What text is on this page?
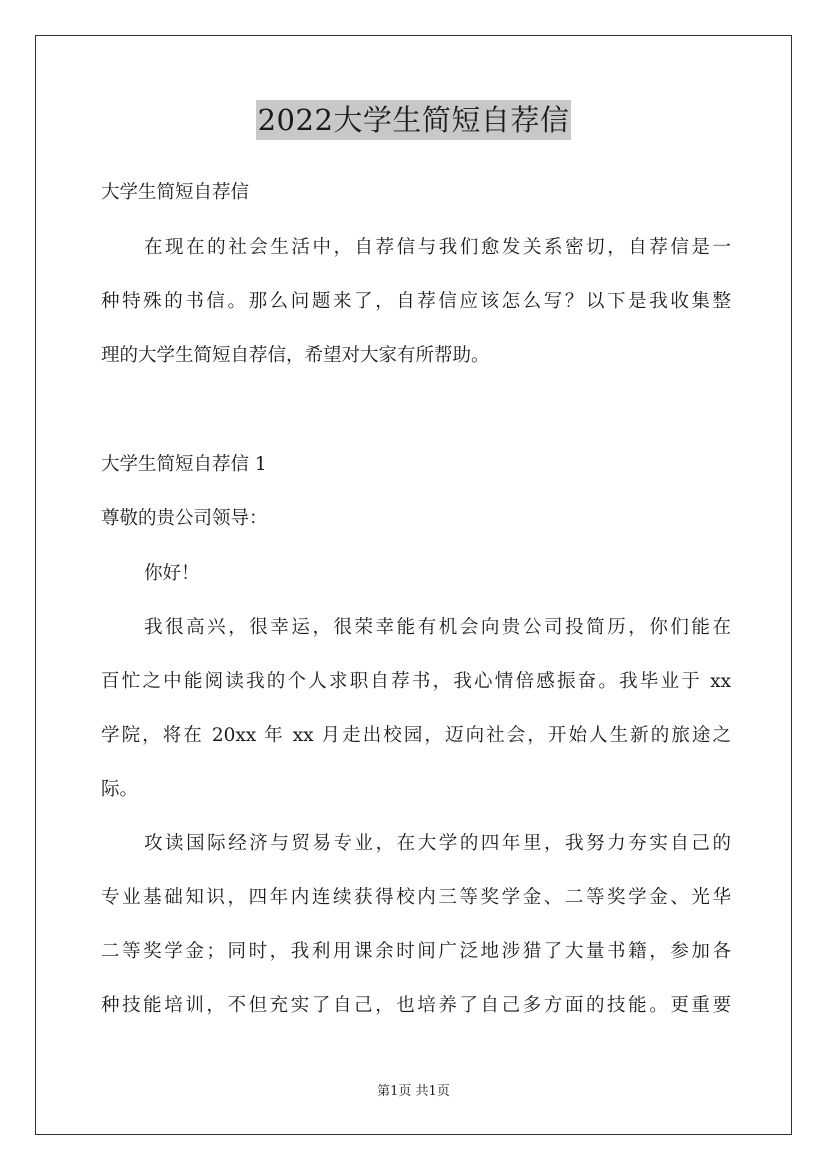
2022大学生简短自荐信
大学生简短自荐信
在现在的社会生活中，自荐信与我们愈发关系密切，自荐信是一
种特殊的书信。那么问题来了，自荐信应该怎么写？以下是我收集整
理的大学生简短自荐信，希望对大家有所帮助。
大学生简短自荐信 1
尊敬的贵公司领导：
你好！
我很高兴，很幸运，很荣幸能有机会向贵公司投简历，你们能在
百忙之中能阅读我的个人求职自荐书，我心情倍感振奋。我毕业于 xx
学院，将在 20xx 年 xx 月走出校园，迈向社会，开始人生新的旅途之
际。
攻读国际经济与贸易专业，在大学的四年里，我努力夯实自己的
专业基础知识，四年内连续获得校内三等奖学金、二等奖学金、光华
二等奖学金；同时，我利用课余时间广泛地涉猎了大量书籍，参加各
种技能培训，不但充实了自己，也培养了自己多方面的技能。更重要
第1页 共1页
